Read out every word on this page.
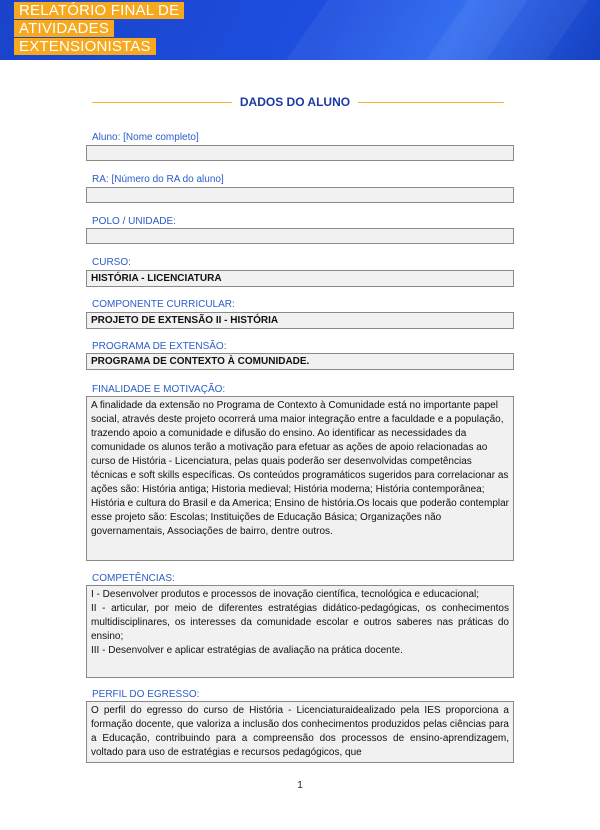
RELATÓRIO FINAL DE
ATIVIDADES
EXTENSIONISTAS
DADOS DO ALUNO
Aluno: [Nome completo]
RA: [Número do RA do aluno]
POLO / UNIDADE:
CURSO:
HISTÓRIA - LICENCIATURA
COMPONENTE CURRICULAR:
PROJETO DE EXTENSÃO II - HISTÓRIA
PROGRAMA DE EXTENSÃO:
PROGRAMA DE CONTEXTO À COMUNIDADE.
FINALIDADE E MOTIVAÇÃO:
A finalidade da extensão no Programa de Contexto à Comunidade está no importante papel social, através deste projeto ocorrerá uma maior integração entre a faculdade e a população, trazendo apoio a comunidade e difusão do ensino. Ao identificar as necessidades da comunidade os alunos terão a motivação para efetuar as ações de apoio relacionadas ao curso de História - Licenciatura, pelas quais poderão ser desenvolvidas competências técnicas e soft skills específicas. Os conteúdos programáticos sugeridos para correlacionar as ações são: História antiga; Historia medieval; História moderna; História contemporânea; História e cultura do Brasil e da America; Ensino de história.Os locais que poderão contemplar esse projeto são: Escolas; Instituições de Educação Básica; Organizações não governamentais, Associações de bairro, dentre outros.
COMPETÊNCIAS:

I - Desenvolver produtos e processos de inovação científica, tecnológica e educacional;

II - articular, por meio de diferentes estratégias didático-pedagógicas, os conhecimentos multidisciplinares, os interesses da comunidade escolar e outros saberes nas práticas do ensino;

III - Desenvolver e aplicar estratégias de avaliação na prática docente.

PERFIL DO EGRESSO:
O perfil do egresso do curso de História - Licenciaturaidealizado pela IES proporciona a formação docente, que valoriza a inclusão dos conhecimentos produzidos pelas ciências para a Educação, contribuindo para a compreensão dos processos de ensino-aprendizagem, voltado para uso de estratégias e recursos pedagógicos, que
1
